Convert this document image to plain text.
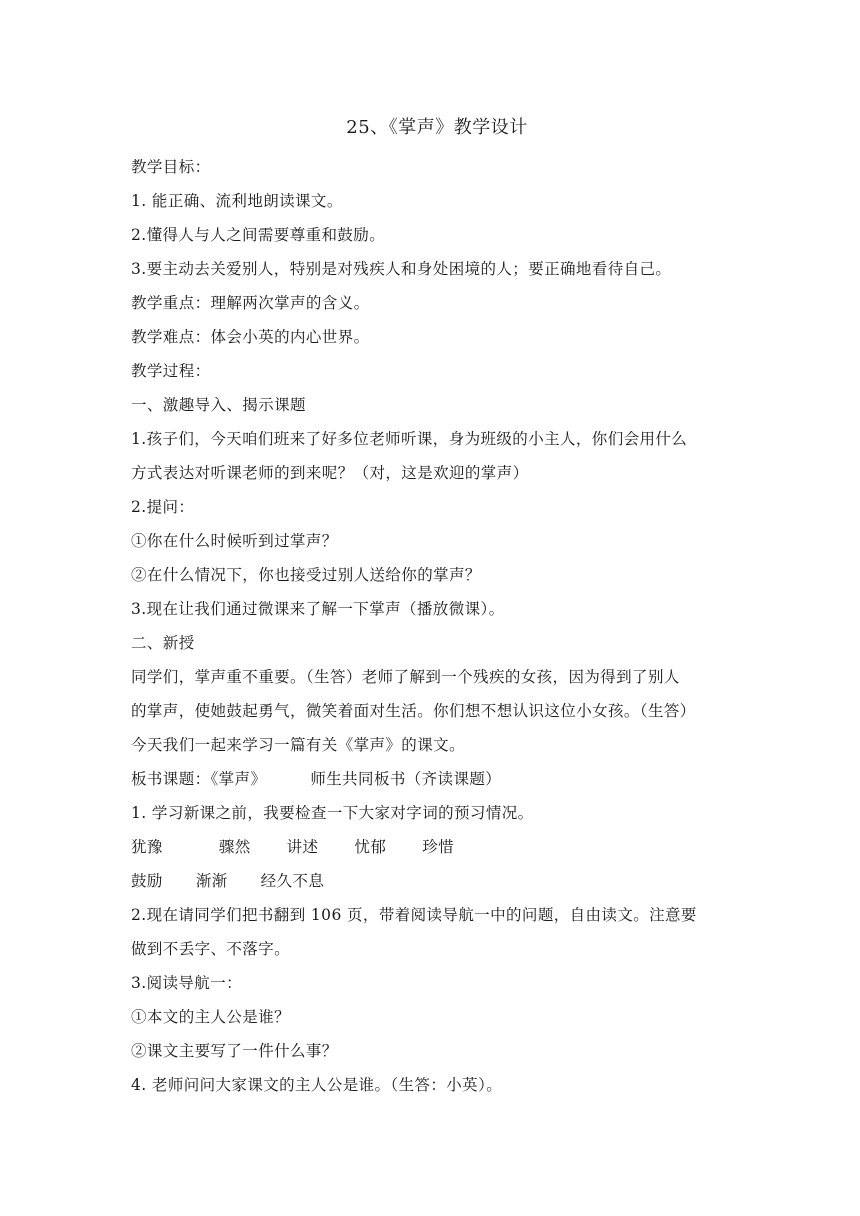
25、《掌声》教学设计

教学目标：

1. 能正确、流利地朗读课文。

2.懂得人与人之间需要尊重和鼓励。

3.要主动去关爱别人，特别是对残疾人和身处困境的人；要正确地看待自己。

教学重点：理解两次掌声的含义。

教学难点：体会小英的内心世界。

教学过程：

一、激趣导入、揭示课题

1.孩子们，今天咱们班来了好多位老师听课，身为班级的小主人，你们会用什么
方式表达对听课老师的到来呢？（对，这是欢迎的掌声）

2.提问：

①你在什么时候听到过掌声？

②在什么情况下，你也接受过别人送给你的掌声？

3.现在让我们通过微课来了解一下掌声（播放微课）。

二、新授

同学们，掌声重不重要。（生答）老师了解到一个残疾的女孩，因为得到了别人
的掌声，使她鼓起勇气，微笑着面对生活。你们想不想认识这位小女孩。（生答）
今天我们一起来学习一篇有关《掌声》的课文。
板书课题：《掌声》	师生共同板书（齐读课题）

1. 学习新课之前，我要检查一下大家对字词的预习情况。

犹豫	骤然 讲述 忧郁 珍惜
鼓励 渐渐 经久不息
2.现在请同学们把书翻到 106 页，带着阅读导航一中的问题，自由读文。注意要
做到不丢字、不落字。

3.阅读导航一：

①本文的主人公是谁？

②课文主要写了一件什么事？

4. 老师问问大家课文的主人公是谁。（生答：小英）。
